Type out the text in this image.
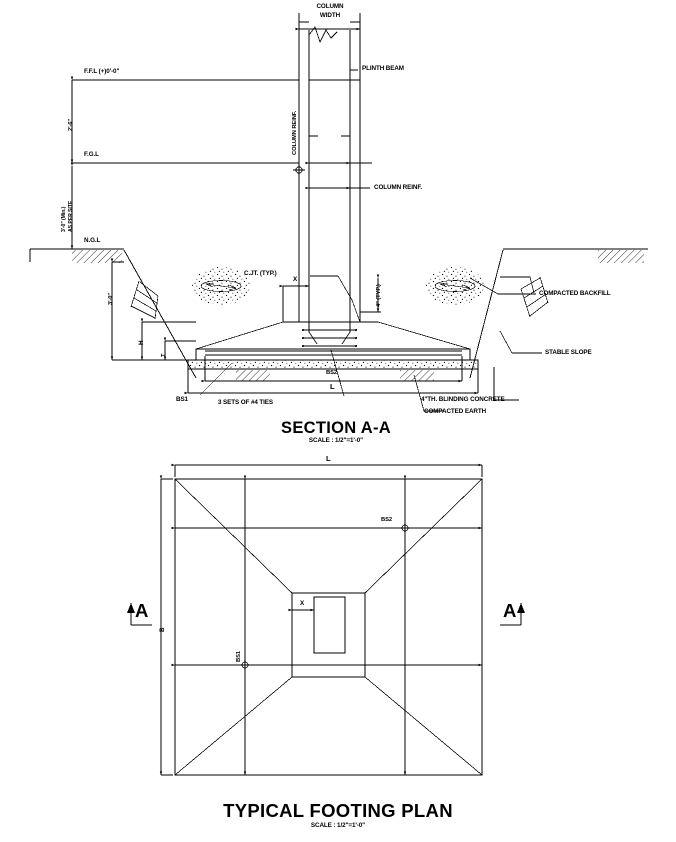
COLUMN
WIDTH
PLINTH BEAM
COLUMN REINF.
COLUMN REINF.
F.F.L (+)0'-0"
F.G.L
N.G.L
2'-6"
3'-0" (Min.) AS PER SITE
3'-0"
H
T
X
4" (TYP.)
C.JT. (TYP.)
COMPACTED BACKFILL
STABLE SLOPE
BS2
L
BS1	3 SETS OF #4 TIES	4"TH. BLINDING CONCRETE
COMPACTED EARTH
SECTION A-A
SCALE : 1/2"=1'-0"
L
B
X
BS2
BS1
A	A
TYPICAL FOOTING PLAN
SCALE : 1/2"=1'-0"
